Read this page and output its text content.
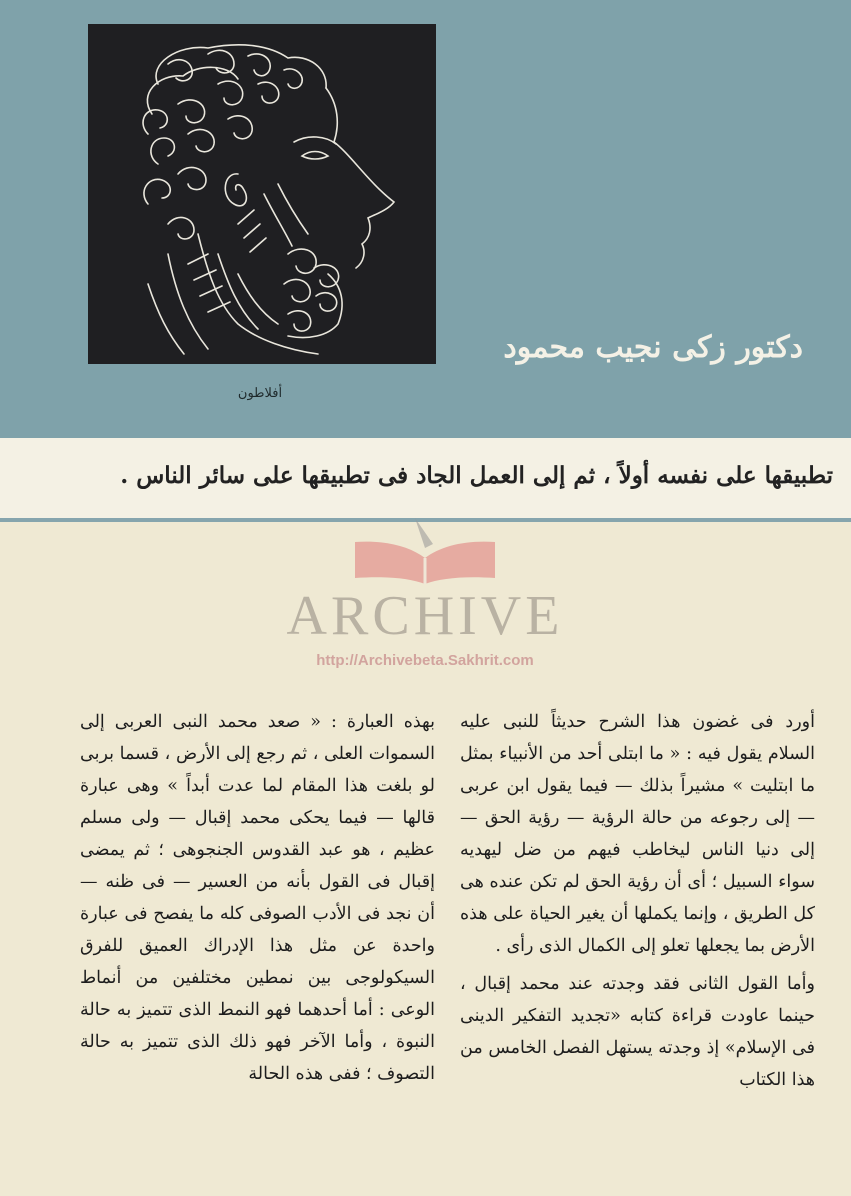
دكتور زكى نجيب محمود
أفلاطون
تطبيقها على نفسه أولاً ، ثم إلى العمل الجاد فى تطبيقها على سائر الناس .
ARCHIVE
http://Archivebeta.Sakhrit.com

أورد فى غضون هذا الشرح حديثاً للنبى عليه السلام يقول فيه : « ما ابتلى أحد من الأنبياء بمثل ما ابتليت » مشيراً بذلك — فيما يقول ابن عربى — إلى رجوعه من حالة الرؤية — رؤية الحق — إلى دنيا الناس ليخاطب فيهم من ضل ليهديه سواء السبيل ؛ أى أن رؤية الحق لم تكن عنده هى كل الطريق ، وإنما يكملها أن يغير الحياة على هذه الأرض بما يجعلها تعلو إلى الكمال الذى رأى .

وأما القول الثانى فقد وجدته عند محمد إقبال ، حينما عاودت قراءة كتابه «تجديد التفكير الدينى فى الإسلام» إذ وجدته يستهل الفصل الخامس من هذا الكتاب

بهذه العبارة : « صعد محمد النبى العربى إلى السموات العلى ، ثم رجع إلى الأرض ، قسما بربى لو بلغت هذا المقام لما عدت أبداً » وهى عبارة قالها — فيما يحكى محمد إقبال — ولى مسلم عظيم ، هو عبد القدوس الجنجوهى ؛ ثم يمضى إقبال فى القول بأنه من العسير — فى ظنه — أن نجد فى الأدب الصوفى كله ما يفصح فى عبارة واحدة عن مثل هذا الإدراك العميق للفرق السيكولوجى بين نمطين مختلفين من أنماط الوعى : أما أحدهما فهو النمط الذى تتميز به حالة النبوة ، وأما الآخر فهو ذلك الذى تتميز به حالة التصوف ؛ ففى هذه الحالة
